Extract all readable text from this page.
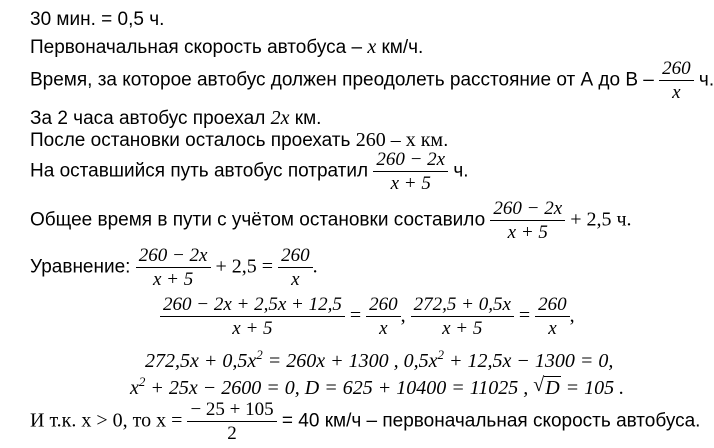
30 мин. = 0,5 ч.
Первоначальная скорость автобуса – x км/ч.
Время, за которое автобус должен преодолеть расстояние от А до В – $\frac{260}{x} ч$.
За 2 часа автобус проехал 2x км.
После остановки осталось проехать 260 – x км.
На оставшийся путь автобус потратил $\frac{260 - 2x}{x + 5} ч$.
Общее время в пути с учётом остановки составило $\frac{260 - 2x}{x + 5} + 2,5$ ч.
Уравнение: $\frac{260 - 2x}{x + 5} + 2,5 = \frac{260}{x}$ .
$\frac{260 - 2x + 2,5x + 12,5}{x + 5} = \frac{260}{x}$ , $\frac{272,5 + 0,5x}{x + 5} = \frac{260}{x}$ ,
$272,5x + 0,5x^2 = 260x + 1300$ , $0,5x^2 + 12,5x - 1300 = 0$,
$x^2 + 25x - 2600 = 0$, D = 625 + 10400 = 11025 , √ D = 105 .
И т.к. x > 0, то $x = \frac{- 25 + 105}{2} = 40$ км/ч – первоначальная скорость автобуса.
